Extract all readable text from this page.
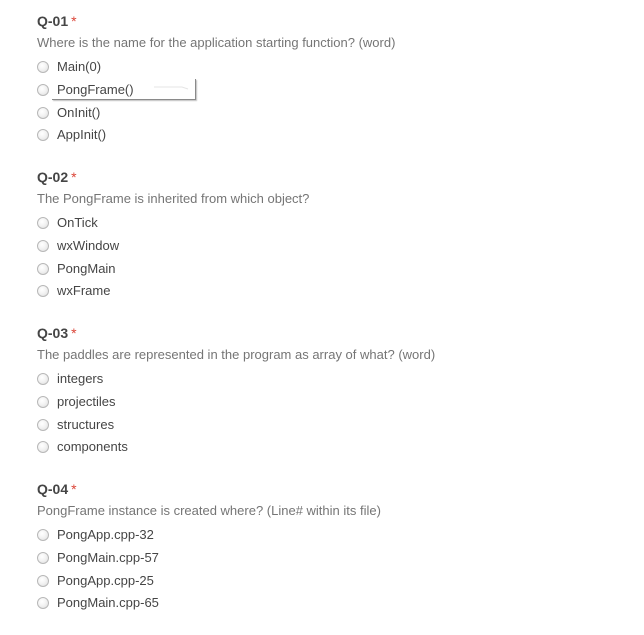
Q-01 *
Where is the name for the application starting function? (word)
Main(0)
PongFrame()
OnInit()
AppInit()
Q-02 *
The PongFrame is inherited from which object?
OnTick
wxWindow
PongMain
wxFrame
Q-03 *
The paddles are represented in the program as array of what? (word)
integers
projectiles
structures
components
Q-04 *
PongFrame instance is created where? (Line# within its file)
PongApp.cpp-32
PongMain.cpp-57
PongApp.cpp-25
PongMain.cpp-65
